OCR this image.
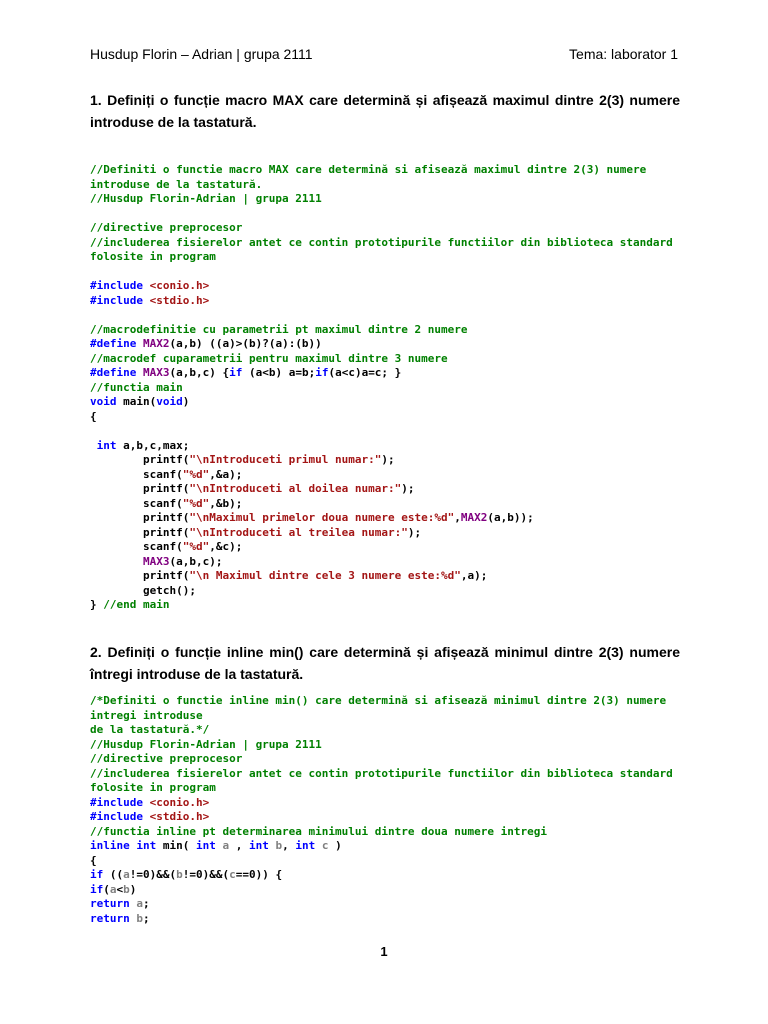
Husdup Florin – Adrian | grupa 2111	Tema: laborator 1
1. Definiți o funcție macro MAX care determină și afișează maximul dintre 2(3) numere introduse de la tastatură.
//Definiti o functie macro MAX care determină si afisează maximul dintre 2(3) numere
introduse de la tastatură.
//Husdup Florin-Adrian | grupa 2111

//directive preprocesor
//includerea fisierelor antet ce contin prototipurile functiilor din biblioteca standard
folosite in program

#include <conio.h>
#include <stdio.h>

//macrodefinitie cu parametrii pt maximul dintre 2 numere
#define MAX2(a,b) ((a)>(b)?(a):(b))
//macrodef cuparametrii pentru maximul dintre 3 numere
#define MAX3(a,b,c) {if (a<b) a=b;if(a<c)a=c; }
//functia main
void main(void)
{

int a,b,c,max;
printf("\nIntroduceti primul numar:");
scanf("%d",&a);
printf("\nIntroduceti al doilea numar:");
scanf("%d",&b);
printf("\nMaximul primelor doua numere este:%d",MAX2(a,b));
printf("\nIntroduceti al treilea numar:");
scanf("%d",&c);
MAX3(a,b,c);
printf("\n Maximul dintre cele 3 numere este:%d",a);
getch();
} //end main
2. Definiți o funcție inline min() care determină și afișează minimul dintre 2(3) numere întregi introduse de la tastatură.
/*Definiti o functie inline min() care determină si afisează minimul dintre 2(3) numere
intregi introduse
de la tastatură.*/
//Husdup Florin-Adrian | grupa 2111
//directive preprocesor
//includerea fisierelor antet ce contin prototipurile functiilor din biblioteca standard
folosite in program
#include <conio.h>
#include <stdio.h>
//functia inline pt determinarea minimului dintre doua numere intregi
inline int min( int a , int b, int c )
{
if ((a!=0)&&(b!=0)&&(c==0)) {
if(a<b)
return a;
return b;
1
